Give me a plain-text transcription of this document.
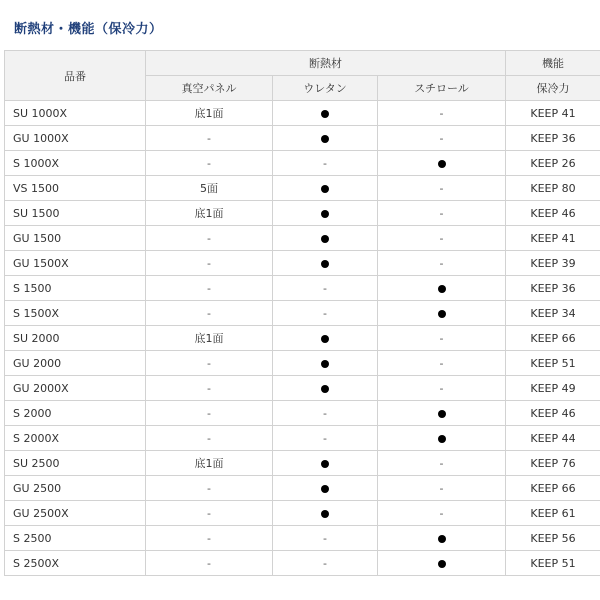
断熱材・機能（保冷力）
品番	断熱材			機能
	真空パネル	ウレタン	スチロール	保冷力
SU 1000X	底1面		-	KEEP 41
GU 1000X	-		-	KEEP 36
S 1000X	-	-		KEEP 26
VS 1500	5面		-	KEEP 80
SU 1500	底1面		-	KEEP 46
GU 1500	-		-	KEEP 41
GU 1500X	-		-	KEEP 39
S 1500	-	-		KEEP 36
S 1500X	-	-		KEEP 34
SU 2000	底1面		-	KEEP 66
GU 2000	-		-	KEEP 51
GU 2000X	-		-	KEEP 49
S 2000	-	-		KEEP 46
S 2000X	-	-		KEEP 44
SU 2500	底1面		-	KEEP 76
GU 2500	-		-	KEEP 66
GU 2500X	-		-	KEEP 61
S 2500	-	-		KEEP 56
S 2500X	-	-		KEEP 51
